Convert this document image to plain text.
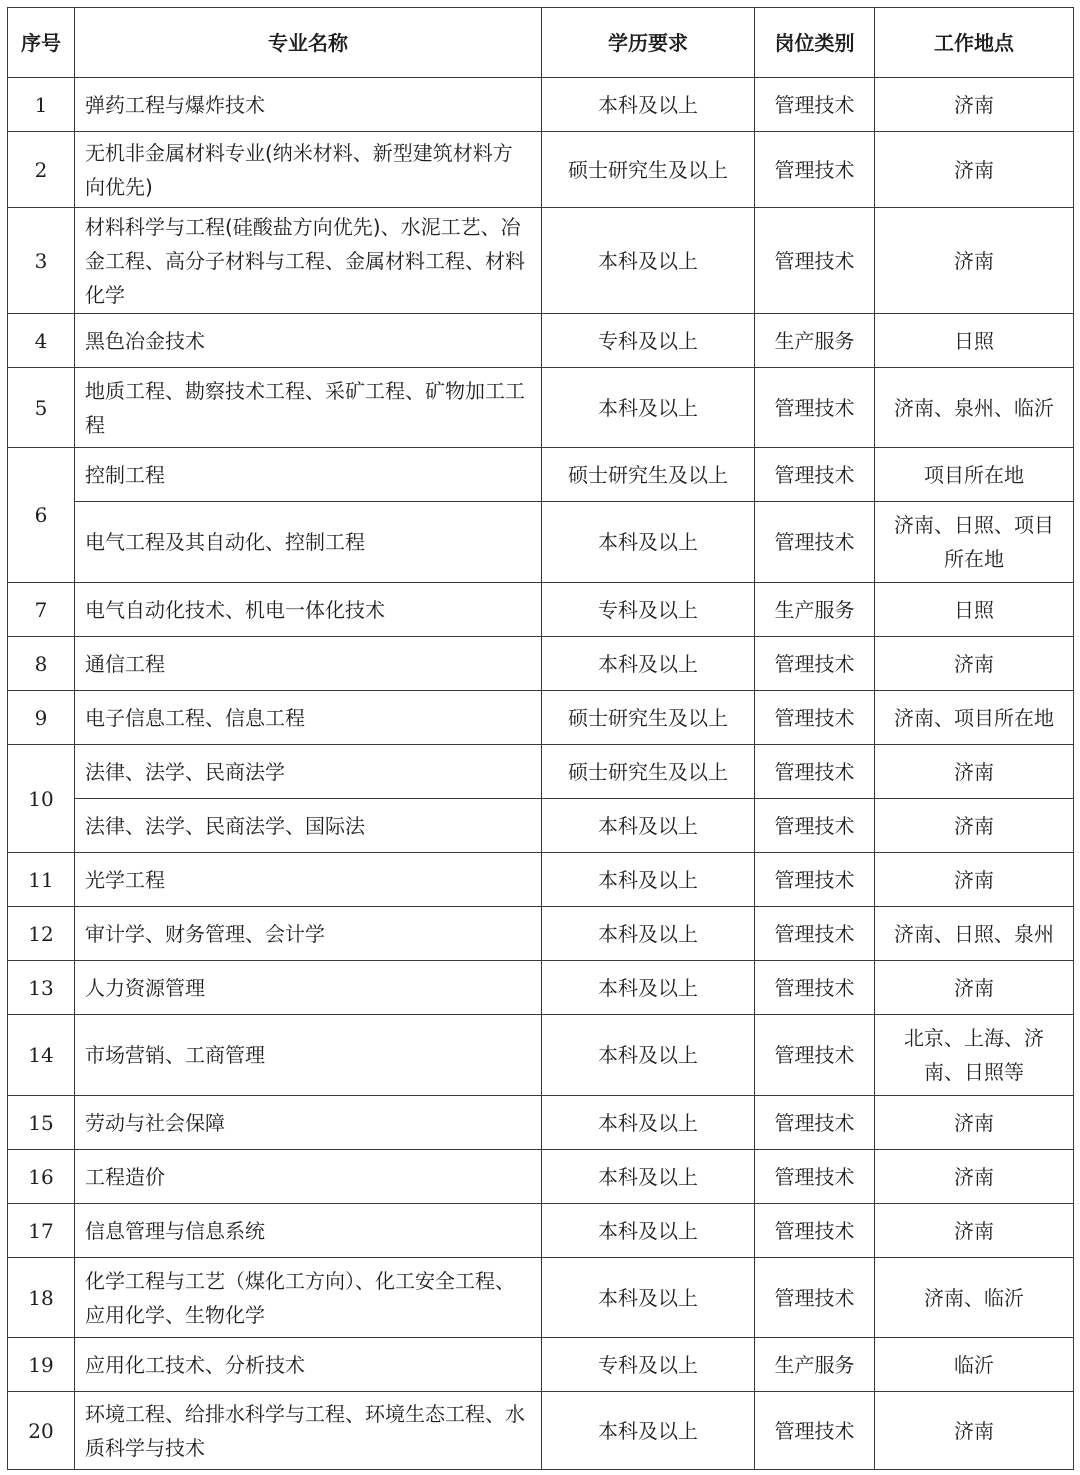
序号	专业名称	学历要求	岗位类别	工作地点
1	弹药工程与爆炸技术	本科及以上	管理技术	济南
2	无机非金属材料专业(纳米材料、新型建筑材料方向优先)	硕士研究生及以上	管理技术	济南
3	材料科学与工程(硅酸盐方向优先)、水泥工艺、冶金工程、高分子材料与工程、金属材料工程、材料化学	本科及以上	管理技术	济南
4	黑色冶金技术	专科及以上	生产服务	日照
5	地质工程、勘察技术工程、采矿工程、矿物加工工程	本科及以上	管理技术	济南、泉州、临沂
6	控制工程	硕士研究生及以上	管理技术	项目所在地
	电气工程及其自动化、控制工程	本科及以上	管理技术	济南、日照、项目所在地
7	电气自动化技术、机电一体化技术	专科及以上	生产服务	日照
8	通信工程	本科及以上	管理技术	济南
9	电子信息工程、信息工程	硕士研究生及以上	管理技术	济南、项目所在地
10	法律、法学、民商法学	硕士研究生及以上	管理技术	济南
	法律、法学、民商法学、国际法	本科及以上	管理技术	济南
11	光学工程	本科及以上	管理技术	济南
12	审计学、财务管理、会计学	本科及以上	管理技术	济南、日照、泉州
13	人力资源管理	本科及以上	管理技术	济南
14	市场营销、工商管理	本科及以上	管理技术	北京、上海、济南、日照等
15	劳动与社会保障	本科及以上	管理技术	济南
16	工程造价	本科及以上	管理技术	济南
17	信息管理与信息系统	本科及以上	管理技术	济南
18	化学工程与工艺（煤化工方向）、化工安全工程、应用化学、生物化学	本科及以上	管理技术	济南、临沂
19	应用化工技术、分析技术	专科及以上	生产服务	临沂
20	环境工程、给排水科学与工程、环境生态工程、水质科学与技术	本科及以上	管理技术	济南
